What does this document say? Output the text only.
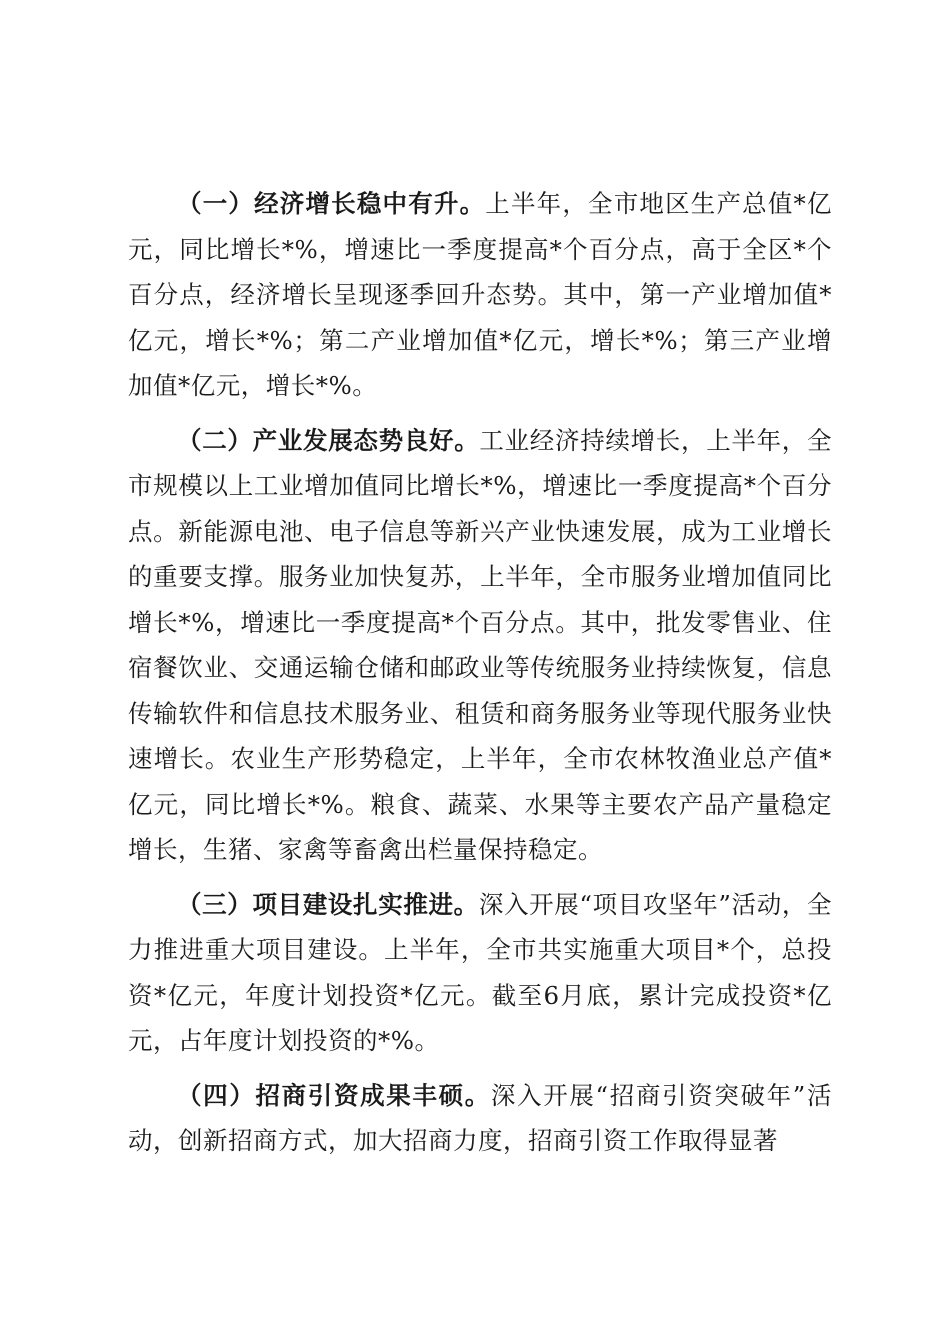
（一）经济增长稳中有升。上半年，全市地区生产总值*亿元，同比增长*%，增速比一季度提高*个百分点，高于全区*个百分点，经济增长呈现逐季回升态势。其中，第一产业增加值*亿元，增长*%；第二产业增加值*亿元，增长*%；第三产业增加值*亿元，增长*%。

（二）产业发展态势良好。工业经济持续增长，上半年，全市规模以上工业增加值同比增长*%，增速比一季度提高*个百分点。新能源电池、电子信息等新兴产业快速发展，成为工业增长的重要支撑。服务业加快复苏，上半年，全市服务业增加值同比增长*%，增速比一季度提高*个百分点。其中，批发零售业、住宿餐饮业、交通运输仓储和邮政业等传统服务业持续恢复，信息传输软件和信息技术服务业、租赁和商务服务业等现代服务业快速增长。农业生产形势稳定，上半年，全市农林牧渔业总产值*亿元，同比增长*%。粮食、蔬菜、水果等主要农产品产量稳定增长，生猪、家禽等畜禽出栏量保持稳定。

（三）项目建设扎实推进。深入开展“项目攻坚年”活动，全力推进重大项目建设。上半年，全市共实施重大项目*个，总投资*亿元，年度计划投资*亿元。截至6月底，累计完成投资*亿元，占年度计划投资的*%。

（四）招商引资成果丰硕。深入开展“招商引资突破年”活动，创新招商方式，加大招商力度，招商引资工作取得显著
